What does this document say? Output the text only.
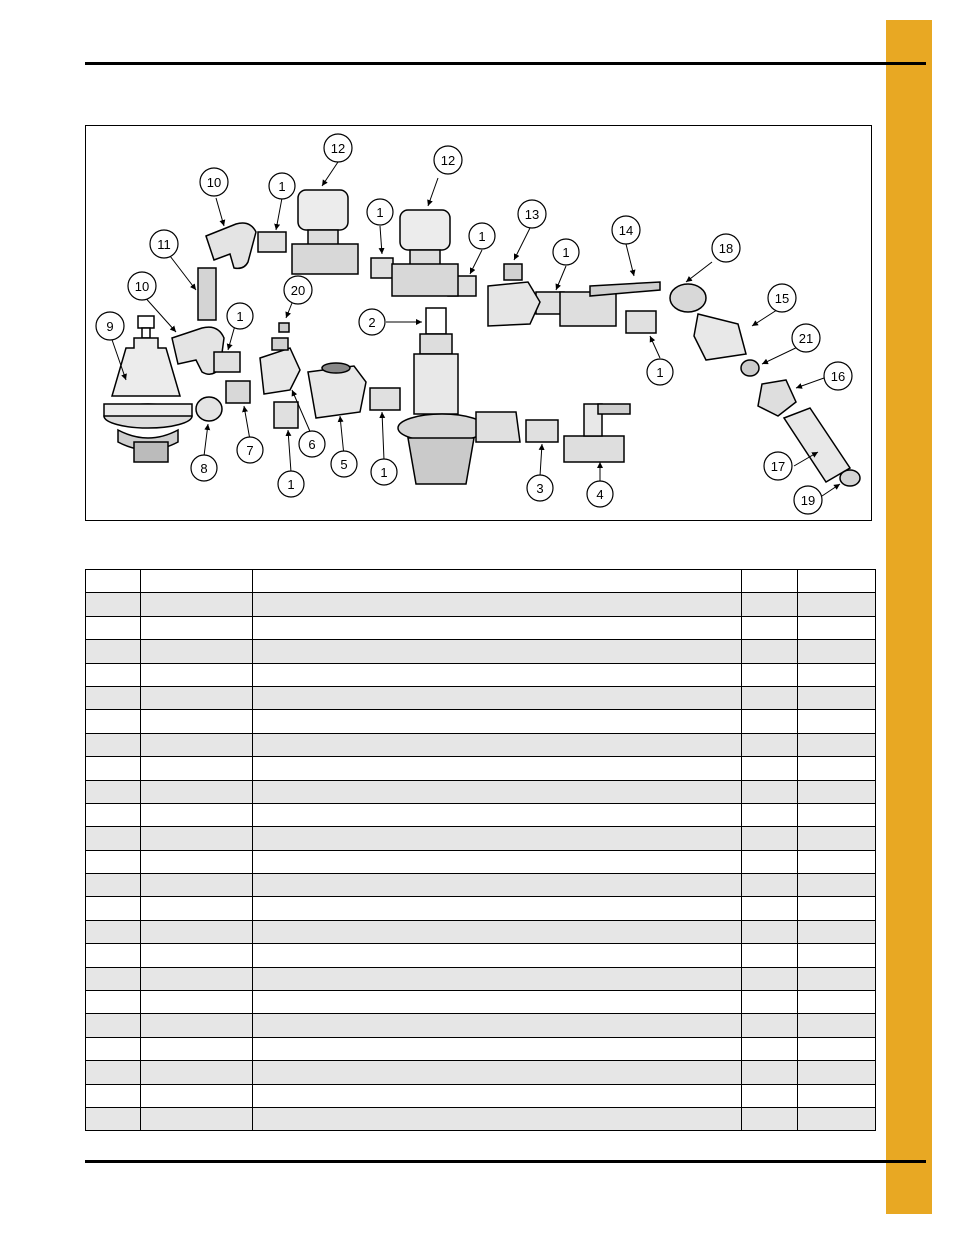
12
12
10	1
1
1
13
1
14
11	18
10	20
1
15
9	2
21
16
1
17
8
7	6
5
1
1	3	4	19
